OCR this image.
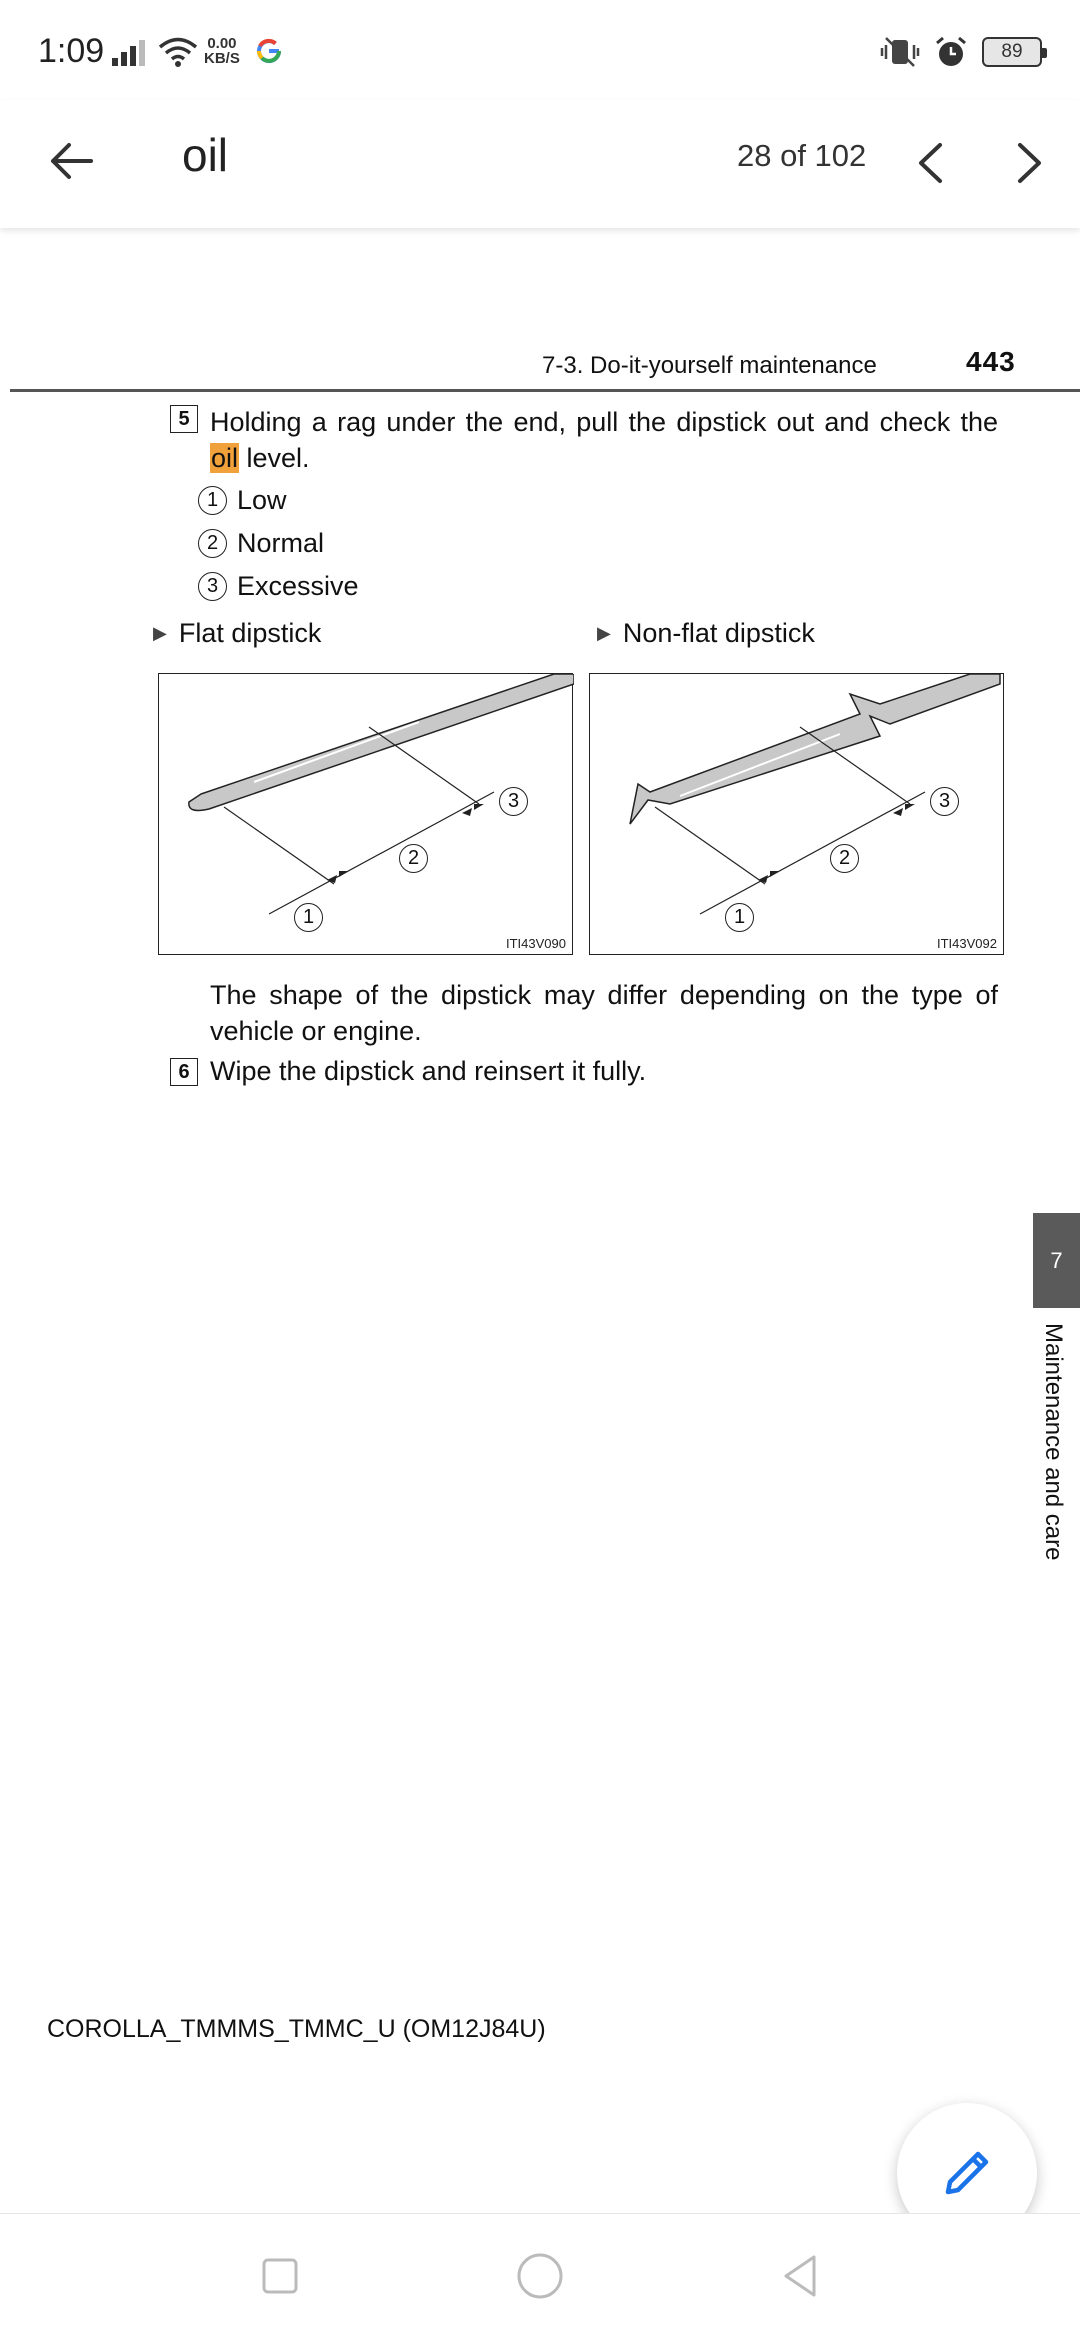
1:09	0.00
KB/S	89
oil	28 of 102
7-3. Do-it-yourself maintenance	443
5 Holding a rag under the end, pull the dipstick out and check the oil level.

1 Low
2 Normal
3 Excessive
▶ Flat dipstick	▶ Non-flat dipstick
1
2
3
ITI43V090
1
2
3
ITI43V092

The shape of the dipstick may differ depending on the type of vehicle or engine.

6 Wipe the dipstick and reinsert it fully.
7
Maintenance and care
COROLLA_TMMMS_TMMC_U (OM12J84U)
